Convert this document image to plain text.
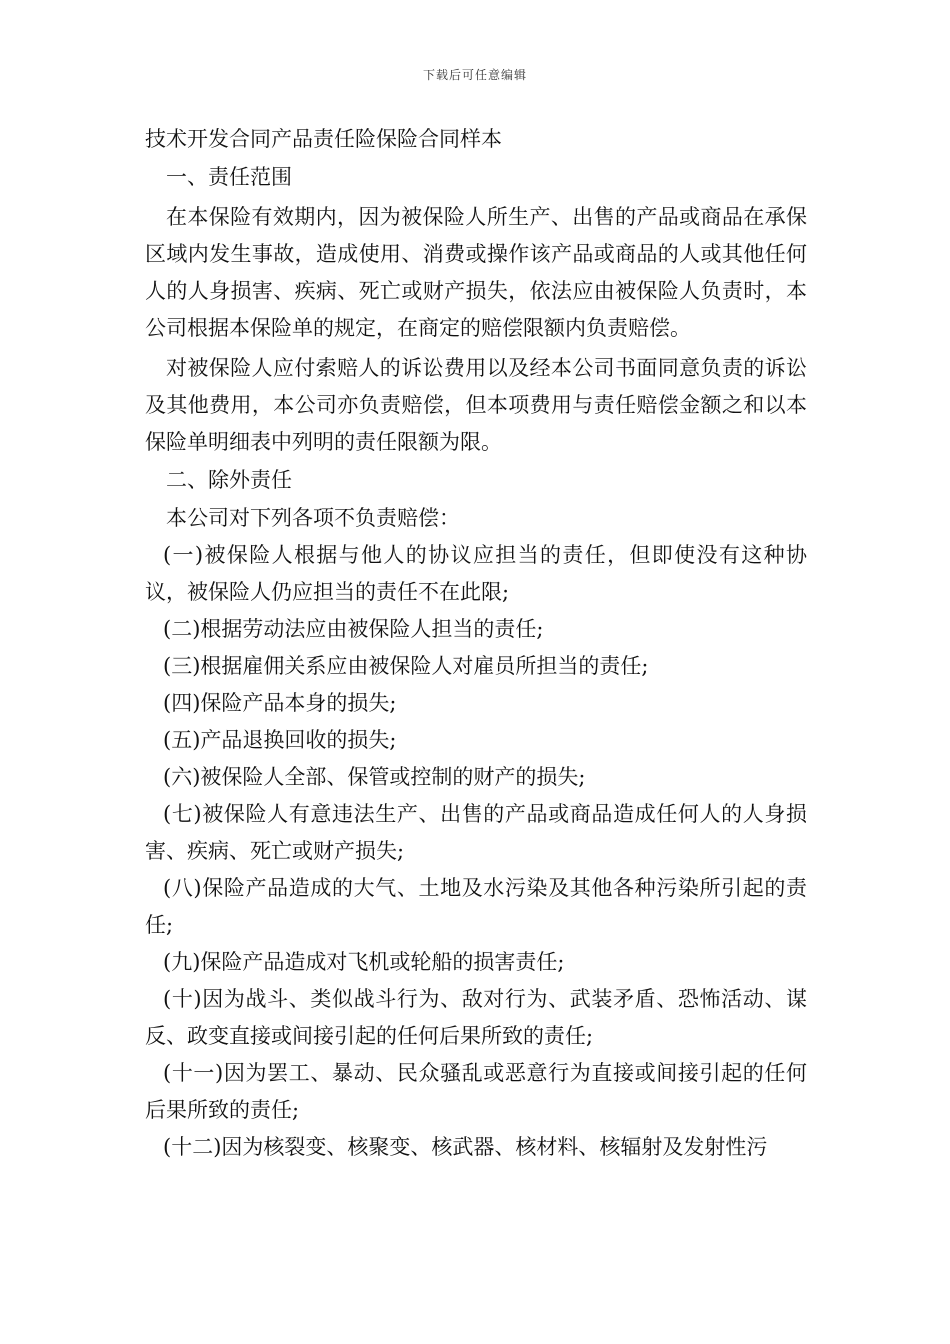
下载后可任意编辑

技术开发合同产品责任险保险合同样本

一、责任范围

在本保险有效期内，因为被保险人所生产、出售的产品或商品在承保区域内发生事故，造成使用、消费或操作该产品或商品的人或其他任何人的人身损害、疾病、死亡或财产损失，依法应由被保险人负责时，本公司根据本保险单的规定，在商定的赔偿限额内负责赔偿。

对被保险人应付索赔人的诉讼费用以及经本公司书面同意负责的诉讼及其他费用，本公司亦负责赔偿，但本项费用与责任赔偿金额之和以本保险单明细表中列明的责任限额为限。

二、除外责任

本公司对下列各项不负责赔偿：

(一)被保险人根据与他人的协议应担当的责任，但即使没有这种协议，被保险人仍应担当的责任不在此限;

(二)根据劳动法应由被保险人担当的责任;

(三)根据雇佣关系应由被保险人对雇员所担当的责任;

(四)保险产品本身的损失;

(五)产品退换回收的损失;

(六)被保险人全部、保管或控制的财产的损失;

(七)被保险人有意违法生产、出售的产品或商品造成任何人的人身损害、疾病、死亡或财产损失;

(八)保险产品造成的大气、土地及水污染及其他各种污染所引起的责任;

(九)保险产品造成对飞机或轮船的损害责任;

(十)因为战斗、类似战斗行为、敌对行为、武装矛盾、恐怖活动、谋反、政变直接或间接引起的任何后果所致的责任;

(十一)因为罢工、暴动、民众骚乱或恶意行为直接或间接引起的任何后果所致的责任;

(十二)因为核裂变、核聚变、核武器、核材料、核辐射及发射性污
